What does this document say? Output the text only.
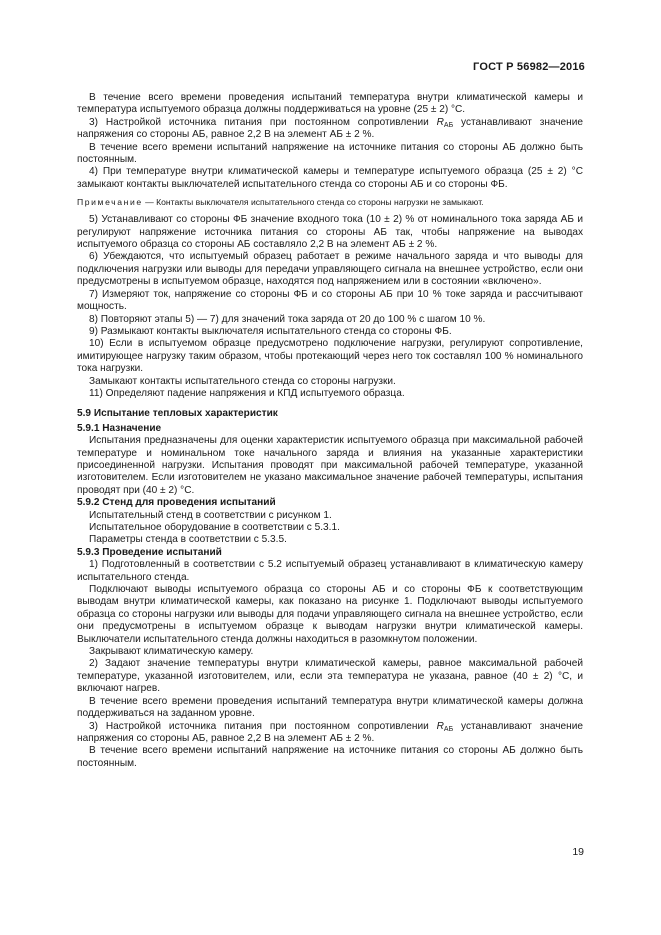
ГОСТ Р 56982—2016

В течение всего времени проведения испытаний температура внутри климатической камеры и температура испытуемого образца должны поддерживаться на уровне (25 ± 2) °С.

3) Настройкой источника питания при постоянном сопротивлении $R_{АБ}$ устанавливают значение напряжения со стороны АБ, равное 2,2 В на элемент АБ ± 2 %.

В течение всего времени испытаний напряжение на источнике питания со стороны АБ должно быть постоянным.

4) При температуре внутри климатической камеры и температуре испытуемого образца (25 ± 2) °С замыкают контакты выключателей испытательного стенда со стороны АБ и со стороны ФБ.

Примечание — Контакты выключателя испытательного стенда со стороны нагрузки не замыкают.

5) Устанавливают со стороны ФБ значение входного тока (10 ± 2) % от номинального тока заряда АБ и регулируют напряжение источника питания со стороны АБ так, чтобы напряжение на выводах испытуемого образца со стороны АБ составляло 2,2 В на элемент АБ ± 2 %.

6) Убеждаются, что испытуемый образец работает в режиме начального заряда и что выводы для подключения нагрузки или выводы для передачи управляющего сигнала на внешнее устройство, если они предусмотрены в испытуемом образце, находятся под напряжением или в состоянии «включено».

7) Измеряют ток, напряжение со стороны ФБ и со стороны АБ при 10 % токе заряда и рассчитывают мощность.

8) Повторяют этапы 5) — 7) для значений тока заряда от 20 до 100 % с шагом 10 %.

9) Размыкают контакты выключателя испытательного стенда со стороны ФБ.

10) Если в испытуемом образце предусмотрено подключение нагрузки, регулируют сопротивление, имитирующее нагрузку таким образом, чтобы протекающий через него ток составлял 100 % номинального тока нагрузки.

Замыкают контакты испытательного стенда со стороны нагрузки.

11) Определяют падение напряжения и КПД испытуемого образца.

5.9 Испытание тепловых характеристик

5.9.1 Назначение

Испытания предназначены для оценки характеристик испытуемого образца при максимальной рабочей температуре и номинальном токе начального заряда и влияния на указанные характеристики присоединенной нагрузки. Испытания проводят при максимальной рабочей температуре, указанной изготовителем. Если изготовителем не указано максимальное значение рабочей температуры, испытания проводят при (40 ± 2) °С.

5.9.2 Стенд для проведения испытаний

Испытательный стенд в соответствии с рисунком 1.

Испытательное оборудование в соответствии с 5.3.1.

Параметры стенда в соответствии с 5.3.5.

5.9.3 Проведение испытаний

1) Подготовленный в соответствии с 5.2 испытуемый образец устанавливают в климатическую камеру испытательного стенда.

Подключают выводы испытуемого образца со стороны АБ и со стороны ФБ к соответствующим выводам внутри климатической камеры, как показано на рисунке 1. Подключают выводы испытуемого образца со стороны нагрузки или выводы для подачи управляющего сигнала на внешнее устройство, если они предусмотрены в испытуемом образце к выводам нагрузки внутри климатической камеры. Выключатели испытательного стенда должны находиться в разомкнутом положении.

Закрывают климатическую камеру.

2) Задают значение температуры внутри климатической камеры, равное максимальной рабочей температуре, указанной изготовителем, или, если эта температура не указана, равное (40 ± 2) °С, и включают нагрев.

В течение всего времени проведения испытаний температура внутри климатической камеры должна поддерживаться на заданном уровне.

3) Настройкой источника питания при постоянном сопротивлении $R_{АБ}$ устанавливают значение напряжения со стороны АБ, равное 2,2 В на элемент АБ ± 2 %.

В течение всего времени испытаний напряжение на источнике питания со стороны АБ должно быть постоянным.

19
